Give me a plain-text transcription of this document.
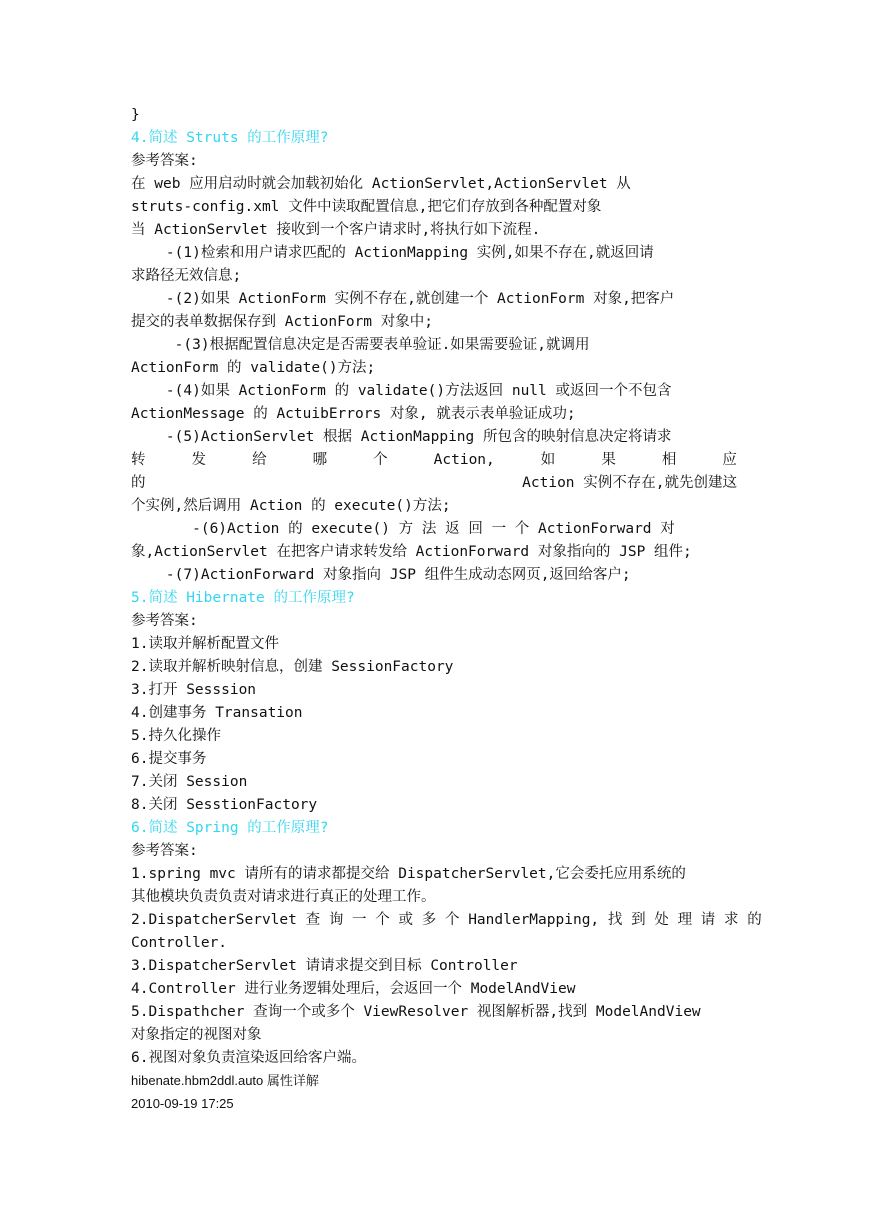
}
4.简述 Struts 的工作原理?
参考答案:
在 web 应用启动时就会加载初始化 ActionServlet,ActionServlet 从
struts-config.xml 文件中读取配置信息,把它们存放到各种配置对象
当 ActionServlet 接收到一个客户请求时,将执行如下流程.
-(1)检索和用户请求匹配的 ActionMapping 实例,如果不存在,就返回请
求路径无效信息;
-(2)如果 ActionForm 实例不存在,就创建一个 ActionForm 对象,把客户
提交的表单数据保存到 ActionForm 对象中;
-(3)根据配置信息决定是否需要表单验证.如果需要验证,就调用
ActionForm 的 validate()方法;
-(4)如果 ActionForm 的 validate()方法返回 null 或返回一个不包含
ActionMessage 的 ActuibErrors 对象, 就表示表单验证成功;
-(5)ActionServlet 根据 ActionMapping 所包含的映射信息决定将请求
转	发	给	哪	个	Action,	如	果	相	应
的	Action 实例不存在,就先创建这
个实例,然后调用 Action 的 execute()方法;
-(6)Action 的 execute() 方 法 返 回 一 个 ActionForward 对
象,ActionServlet 在把客户请求转发给 ActionForward 对象指向的 JSP 组件;
-(7)ActionForward 对象指向 JSP 组件生成动态网页,返回给客户;
5.简述 Hibernate 的工作原理?
参考答案:
1.读取并解析配置文件
2.读取并解析映射信息，创建 SessionFactory
3.打开 Sesssion
4.创建事务 Transation
5.持久化操作
6.提交事务
7.关闭 Session
8.关闭 SesstionFactory
6.简述 Spring 的工作原理?
参考答案:
1.spring mvc 请所有的请求都提交给 DispatcherServlet,它会委托应用系统的
其他模块负责负责对请求进行真正的处理工作。
2.DispatcherServlet 查 询 一 个 或 多 个 HandlerMapping, 找 到 处 理 请 求 的
Controller.
3.DispatcherServlet 请请求提交到目标 Controller
4.Controller 进行业务逻辑处理后，会返回一个 ModelAndView
5.Dispathcher 查询一个或多个 ViewResolver 视图解析器,找到 ModelAndView
对象指定的视图对象
6.视图对象负责渲染返回给客户端。
hibenate.hbm2ddl.auto 属性详解
2010-09-19 17:25
